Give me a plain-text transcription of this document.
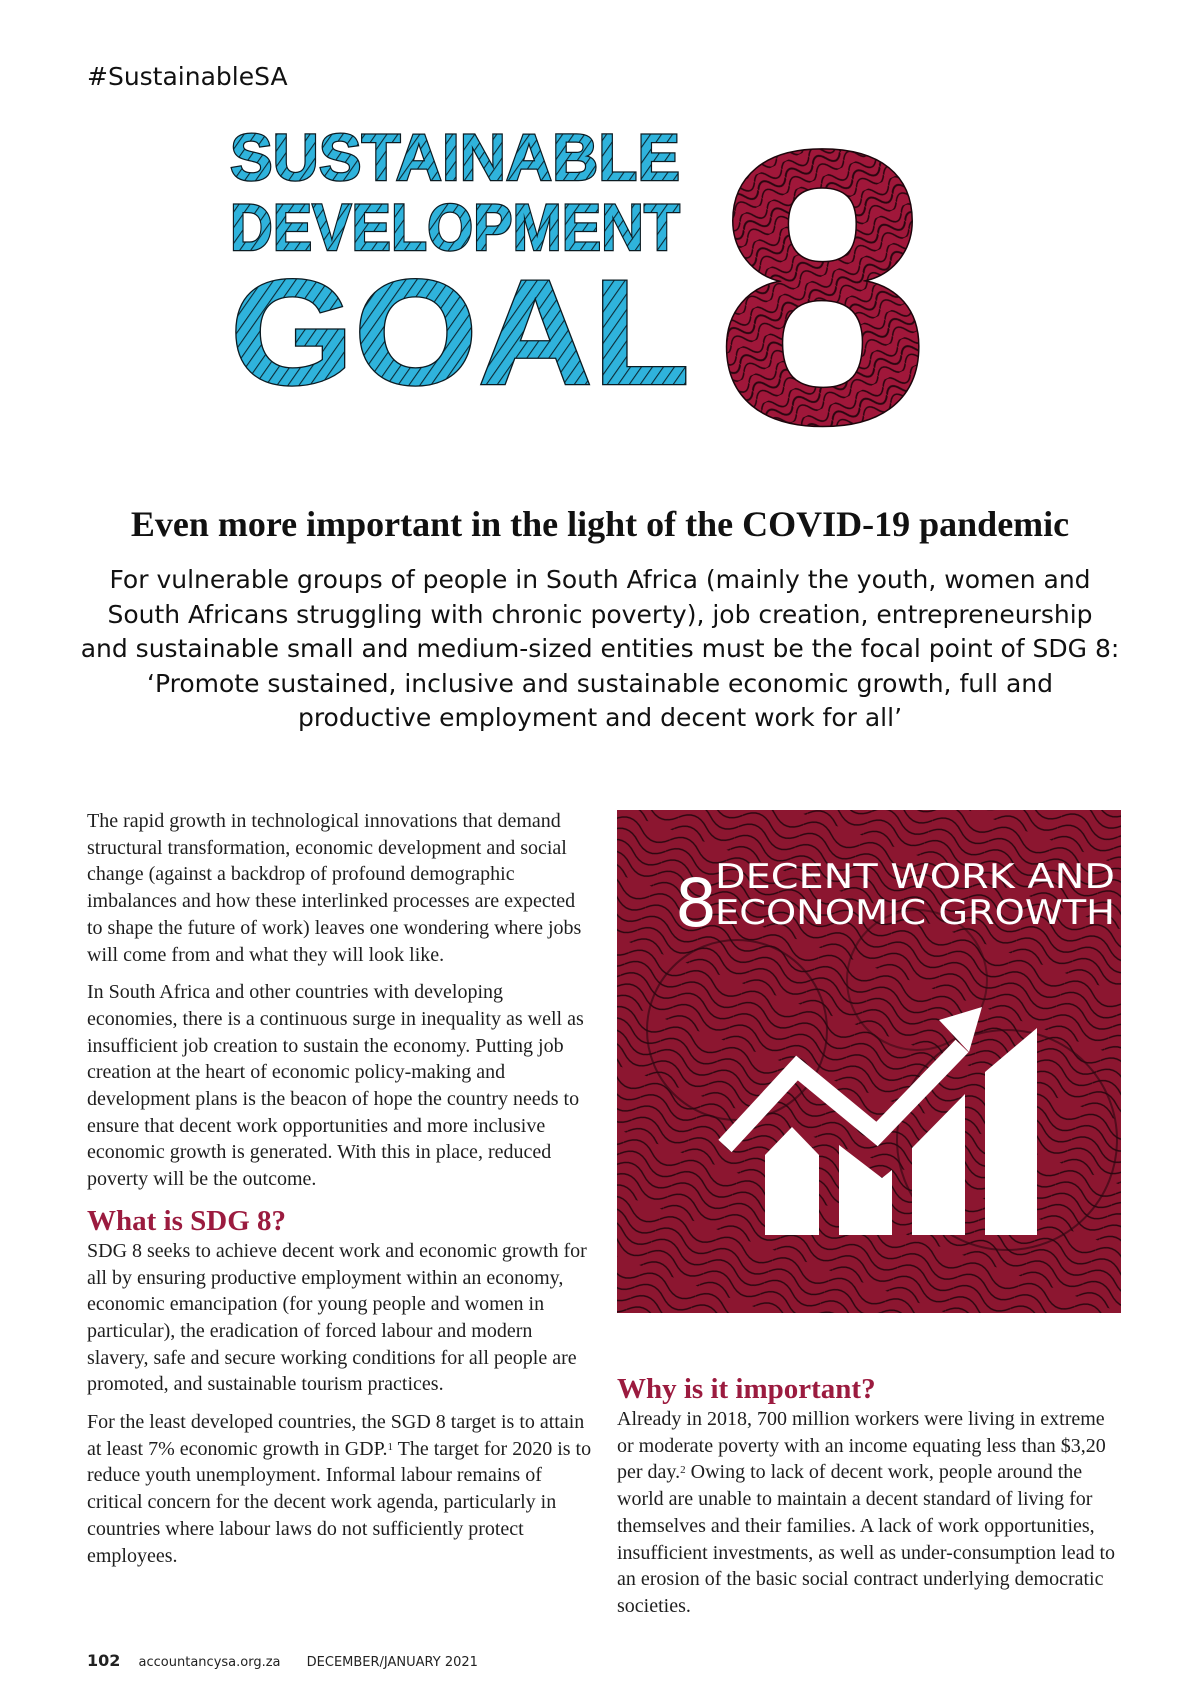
#SustainableSA
SUSTAINABLE
DEVELOPMENT
GOAL 8
Even more important in the light of the COVID-19 pandemic

For vulnerable groups of people in South Africa (mainly the youth, women and South Africans struggling with chronic poverty), job creation, entrepreneurship and sustainable small and medium-sized entities must be the focal point of SDG 8: ‘Promote sustained, inclusive and sustainable economic growth, full and productive employment and decent work for all’

The rapid growth in technological innovations that demand structural transformation, economic development and social change (against a backdrop of profound demographic imbalances and how these interlinked processes are expected to shape the future of work) leaves one wondering where jobs will come from and what they will look like.

In South Africa and other countries with developing economies, there is a continuous surge in inequality as well as insufficient job creation to sustain the economy. Putting job creation at the heart of economic policy-making and development plans is the beacon of hope the country needs to ensure that decent work opportunities and more inclusive economic growth is generated. With this in place, reduced poverty will be the outcome.

What is SDG 8?

SDG 8 seeks to achieve decent work and economic growth for all by ensuring productive employment within an economy, economic emancipation (for young people and women in particular), the eradication of forced labour and modern slavery, safe and secure working conditions for all people are promoted, and sustainable tourism practices.

For the least developed countries, the SGD 8 target is to attain at least 7% economic growth in GDP.$^1$ The target for 2020 is to reduce youth unemployment. Informal labour remains of critical concern for the decent work agenda, particularly in countries where labour laws do not sufficiently protect employees.

8
DECENT WORK AND
ECONOMIC GROWTH
Why is it important?

Already in 2018, 700 million workers were living in extreme or moderate poverty with an income equating less than $3,20 per day.$^2$ Owing to lack of decent work, people around the world are unable to maintain a decent standard of living for themselves and their families. A lack of work opportunities, insufficient investments, as well as under-consumption lead to an erosion of the basic social contract underlying democratic societies.

102 accountancysa.org.za DECEMBER/JANUARY 2021
